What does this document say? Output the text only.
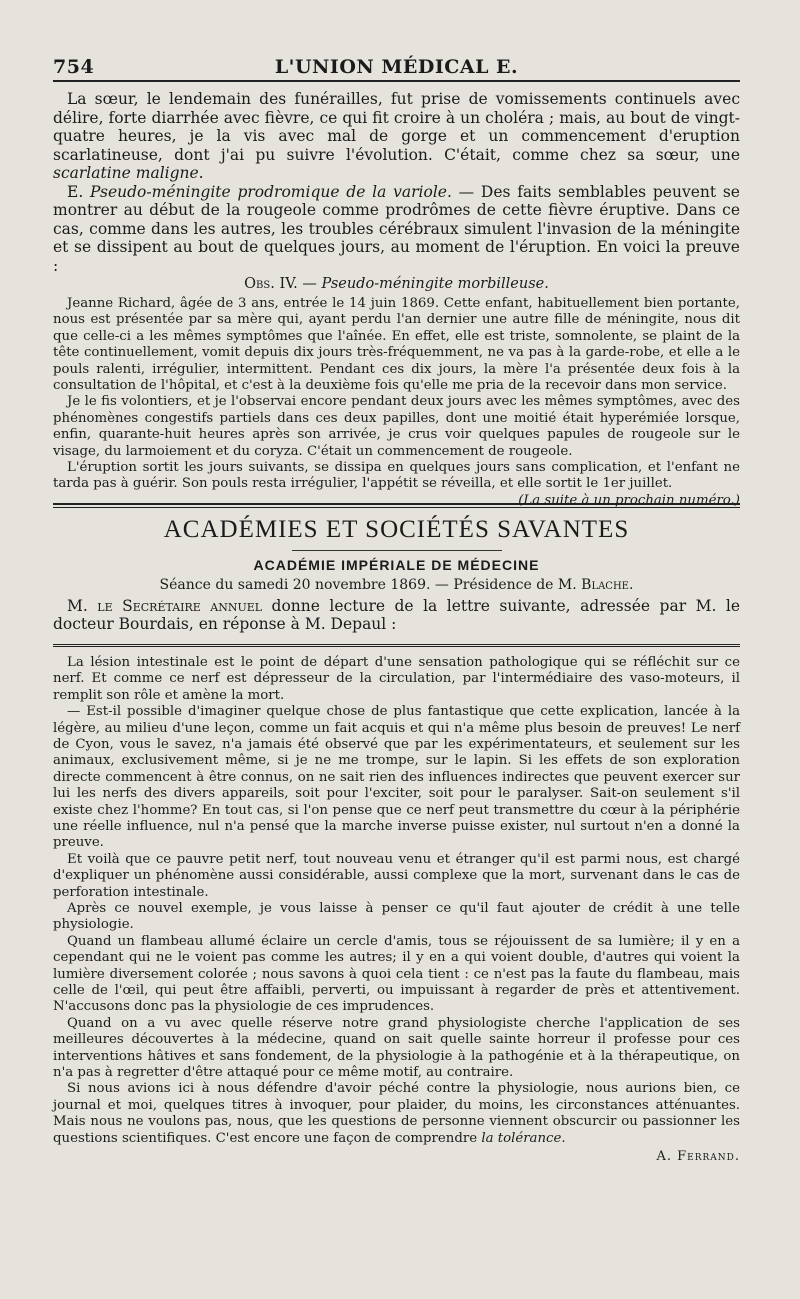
754	L'UNION MÉDICAL E.

La sœur, le lendemain des funérailles, fut prise de vomissements continuels avec délire, forte diarrhée avec fièvre, ce qui fit croire à un choléra ; mais, au bout de vingt-quatre heures, je la vis avec mal de gorge et un commencement d'eruption scarlatineuse, dont j'ai pu suivre l'évolution. C'était, comme chez sa sœur, une scarlatine maligne.

E. Pseudo-méningite prodromique de la variole. — Des faits semblables peuvent se montrer au début de la rougeole comme prodrômes de cette fièvre éruptive. Dans ce cas, comme dans les autres, les troubles cérébraux simulent l'invasion de la méningite et se dissipent au bout de quelques jours, au moment de l'éruption. En voici la preuve :

Obs. IV. — Pseudo-méningite morbilleuse.

Jeanne Richard, âgée de 3 ans, entrée le 14 juin 1869. Cette enfant, habituellement bien portante, nous est présentée par sa mère qui, ayant perdu l'an dernier une autre fille de méningite, nous dit que celle-ci a les mêmes symptômes que l'aînée. En effet, elle est triste, somnolente, se plaint de la tête continuellement, vomit depuis dix jours très-fréquemment, ne va pas à la garde-robe, et elle a le pouls ralenti, irrégulier, intermittent. Pendant ces dix jours, la mère l'a présentée deux fois à la consultation de l'hôpital, et c'est à la deuxième fois qu'elle me pria de la recevoir dans mon service.

Je le fis volontiers, et je l'observai encore pendant deux jours avec les mêmes symptômes, avec des phénomènes congestifs partiels dans ces deux papilles, dont une moitié était hyperémiée lorsque, enfin, quarante-huit heures après son arrivée, je crus voir quelques papules de rougeole sur le visage, du larmoiement et du coryza. C'était un commencement de rougeole.

L'éruption sortit les jours suivants, se dissipa en quelques jours sans complication, et l'enfant ne tarda pas à guérir. Son pouls resta irrégulier, l'appétit se réveilla, et elle sortit le 1er juillet.
(La suite à un prochain numéro.)

ACADÉMIES ET SOCIÉTÉS SAVANTES
ACADÉMIE IMPÉRIALE DE MÉDECINE
Séance du samedi 20 novembre 1869. — Présidence de M. Blache.

M. le Secrétaire annuel donne lecture de la lettre suivante, adressée par M. le docteur Bourdais, en réponse à M. Depaul :

La lésion intestinale est le point de départ d'une sensation pathologique qui se réfléchit sur ce nerf. Et comme ce nerf est dépresseur de la circulation, par l'intermédiaire des vaso-moteurs, il remplit son rôle et amène la mort.

— Est-il possible d'imaginer quelque chose de plus fantastique que cette explication, lancée à la légère, au milieu d'une leçon, comme un fait acquis et qui n'a même plus besoin de preuves! Le nerf de Cyon, vous le savez, n'a jamais été observé que par les expérimentateurs, et seulement sur les animaux, exclusivement même, si je ne me trompe, sur le lapin. Si les effets de son exploration directe commencent à être connus, on ne sait rien des influences indirectes que peuvent exercer sur lui les nerfs des divers appareils, soit pour l'exciter, soit pour le paralyser. Sait-on seulement s'il existe chez l'homme? En tout cas, si l'on pense que ce nerf peut transmettre du cœur à la périphérie une réelle influence, nul n'a pensé que la marche inverse puisse exister, nul surtout n'en a donné la preuve.

Et voilà que ce pauvre petit nerf, tout nouveau venu et étranger qu'il est parmi nous, est chargé d'expliquer un phénomène aussi considérable, aussi complexe que la mort, survenant dans le cas de perforation intestinale.

Après ce nouvel exemple, je vous laisse à penser ce qu'il faut ajouter de crédit à une telle physiologie.

Quand un flambeau allumé éclaire un cercle d'amis, tous se réjouissent de sa lumière; il y en a cependant qui ne le voient pas comme les autres; il y en a qui voient double, d'autres qui voient la lumière diversement colorée ; nous savons à quoi cela tient : ce n'est pas la faute du flambeau, mais celle de l'œil, qui peut être affaibli, perverti, ou impuissant à regarder de près et attentivement. N'accusons donc pas la physiologie de ces imprudences.

Quand on a vu avec quelle réserve notre grand physiologiste cherche l'application de ses meilleures découvertes à la médecine, quand on sait quelle sainte horreur il professe pour ces interventions hâtives et sans fondement, de la physiologie à la pathogénie et à la thérapeutique, on n'a pas à regretter d'être attaqué pour ce même motif, au contraire.

Si nous avions ici à nous défendre d'avoir péché contre la physiologie, nous aurions bien, ce journal et moi, quelques titres à invoquer, pour plaider, du moins, les circonstances atténuantes. Mais nous ne voulons pas, nous, que les questions de personne viennent obscurcir ou passionner les questions scientifiques. C'est encore une façon de comprendre la tolérance.

A. Ferrand.
